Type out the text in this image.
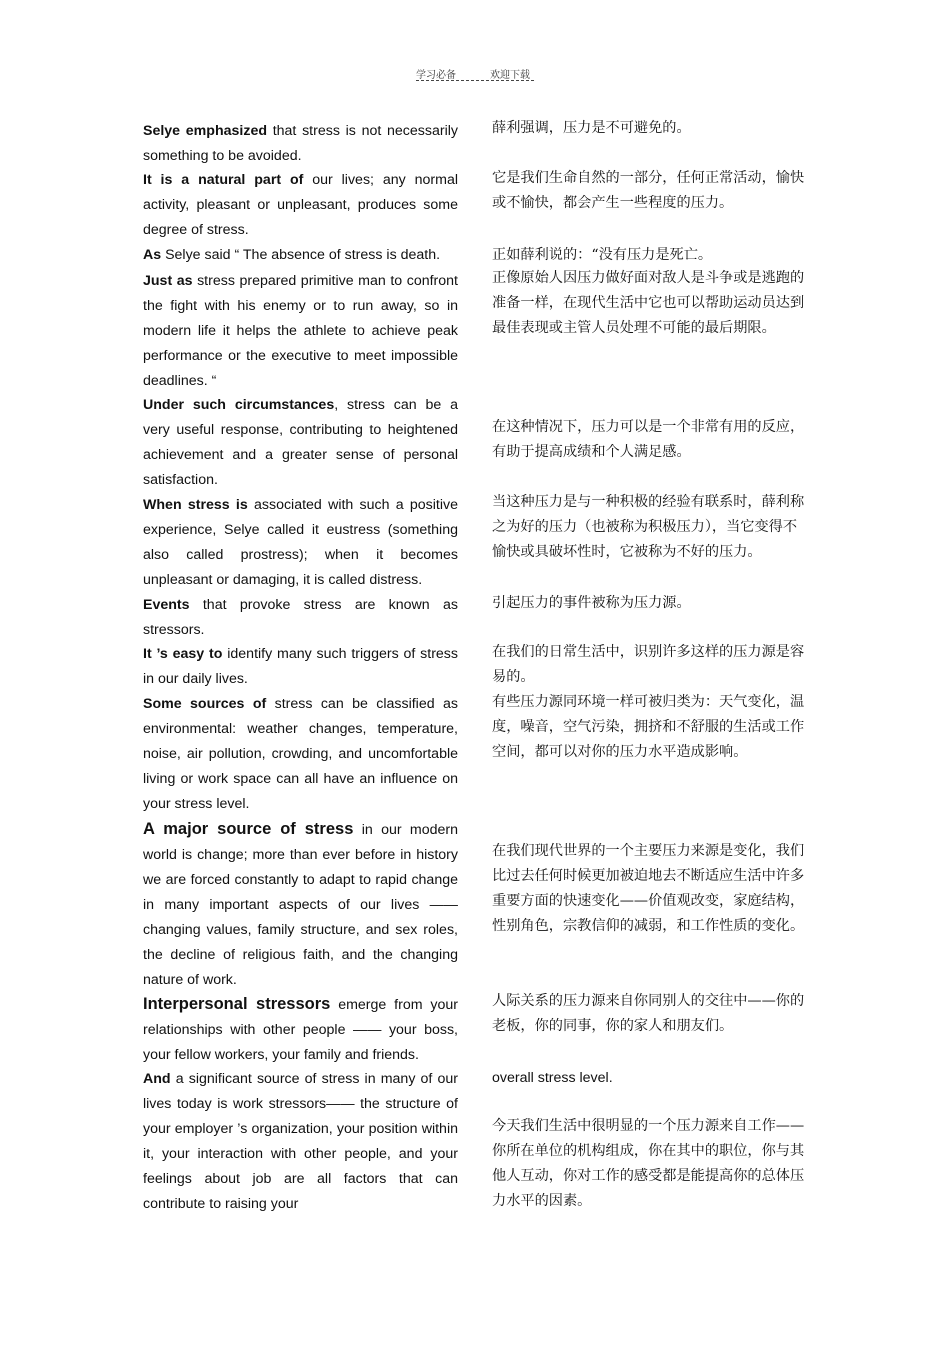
学习必备	欢迎下载
Selye emphasized that stress is not necessarily something to be avoided.
It is a natural part of our lives; any normal activity, pleasant or unpleasant, produces some degree of stress.
As Selye said “ The absence of stress is death.
Just as stress prepared primitive man to confront the fight with his enemy or to run away, so in modern life it helps the athlete to achieve peak performance or the executive to meet impossible deadlines. “
Under such circumstances, stress can be a very useful response, contributing to heightened achievement and a greater sense of personal satisfaction.
When stress is associated with such a positive experience, Selye called it eustress (something also called prostress); when it becomes unpleasant or damaging, it is called distress.
Events that provoke stress are known as stressors.
It ’s easy to identify many such triggers of stress in our daily lives.
Some sources of stress can be classified as environmental: weather changes, temperature, noise, air pollution, crowding, and uncomfortable living or work space can all have an influence on your stress level.
A major source of stress in our modern world is change; more than ever before in history we are forced constantly to adapt to rapid change in many important aspects of our lives —— changing values, family structure, and sex roles, the decline of religious faith, and the changing nature of work.
Interpersonal stressors emerge from your relationships with other people —— your boss, your fellow workers, your family and friends.
And a significant source of stress in many of our lives today is work stressors—— the structure of your employer ’s organization, your position within it, your interaction with other people, and your feelings about job are all factors that can contribute to raising your
薛利强调，压力是不可避免的。
它是我们生命自然的一部分，任何正常活动，愉快或不愉快，都会产生一些程度的压力。
正如薛利说的：“没有压力是死亡。
正像原始人因压力做好面对敌人是斗争或是逃跑的准备一样，在现代生活中它也可以帮助运动员达到最佳表现或主管人员处理不可能的最后期限。
在这种情况下，压力可以是一个非常有用的反应，有助于提高成绩和个人满足感。
当这种压力是与一种积极的经验有联系时，薛利称之为好的压力（也被称为积极压力），当它变得不愉快或具破坏性时，它被称为不好的压力。
引起压力的事件被称为压力源。
在我们的日常生活中，识别许多这样的压力源是容易的。
有些压力源同环境一样可被归类为：天气变化，温度，噪音，空气污染，拥挤和不舒服的生活或工作空间，都可以对你的压力水平造成影响。
在我们现代世界的一个主要压力来源是变化，我们比过去任何时候更加被迫地去不断适应生活中许多重要方面的快速变化——价值观改变，家庭结构，性别角色，宗教信仰的减弱，和工作性质的变化。
人际关系的压力源来自你同别人的交往中——你的老板，你的同事，你的家人和朋友们。
overall stress level.
今天我们生活中很明显的一个压力源来自工作——你所在单位的机构组成，你在其中的职位，你与其他人互动，你对工作的感受都是能提高你的总体压力水平的因素。
